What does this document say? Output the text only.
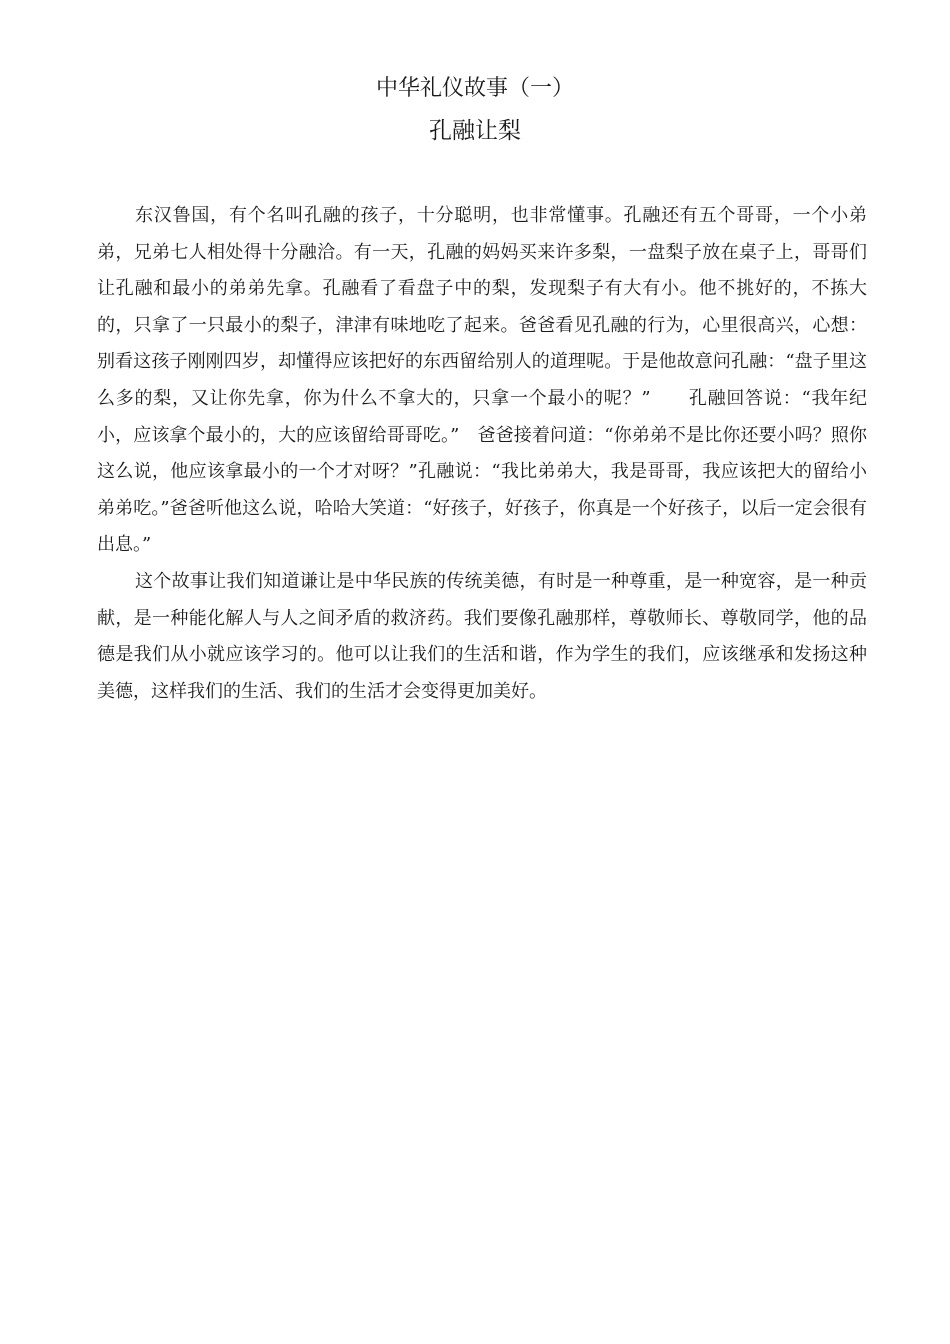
中华礼仪故事（一）
孔融让梨

东汉鲁国，有个名叫孔融的孩子，十分聪明，也非常懂事。孔融还有五个哥哥，一个小弟弟，兄弟七人相处得十分融洽。有一天，孔融的妈妈买来许多梨，一盘梨子放在桌子上，哥哥们让孔融和最小的弟弟先拿。孔融看了看盘子中的梨，发现梨子有大有小。他不挑好的，不拣大的，只拿了一只最小的梨子，津津有味地吃了起来。爸爸看见孔融的行为，心里很高兴，心想：别看这孩子刚刚四岁，却懂得应该把好的东西留给别人的道理呢。于是他故意问孔融：“盘子里这么多的梨，又让你先拿，你为什么不拿大的，只拿一个最小的呢？”　　孔融回答说：“我年纪小，应该拿个最小的，大的应该留给哥哥吃。”　爸爸接着问道：“你弟弟不是比你还要小吗？照你这么说，他应该拿最小的一个才对呀？”孔融说：“我比弟弟大，我是哥哥，我应该把大的留给小弟弟吃。”爸爸听他这么说，哈哈大笑道：“好孩子，好孩子，你真是一个好孩子，以后一定会很有出息。”

这个故事让我们知道谦让是中华民族的传统美德，有时是一种尊重，是一种宽容，是一种贡献，是一种能化解人与人之间矛盾的救济药。我们要像孔融那样，尊敬师长、尊敬同学，他的品德是我们从小就应该学习的。他可以让我们的生活和谐，作为学生的我们，应该继承和发扬这种美德，这样我们的生活、我们的生活才会变得更加美好。
